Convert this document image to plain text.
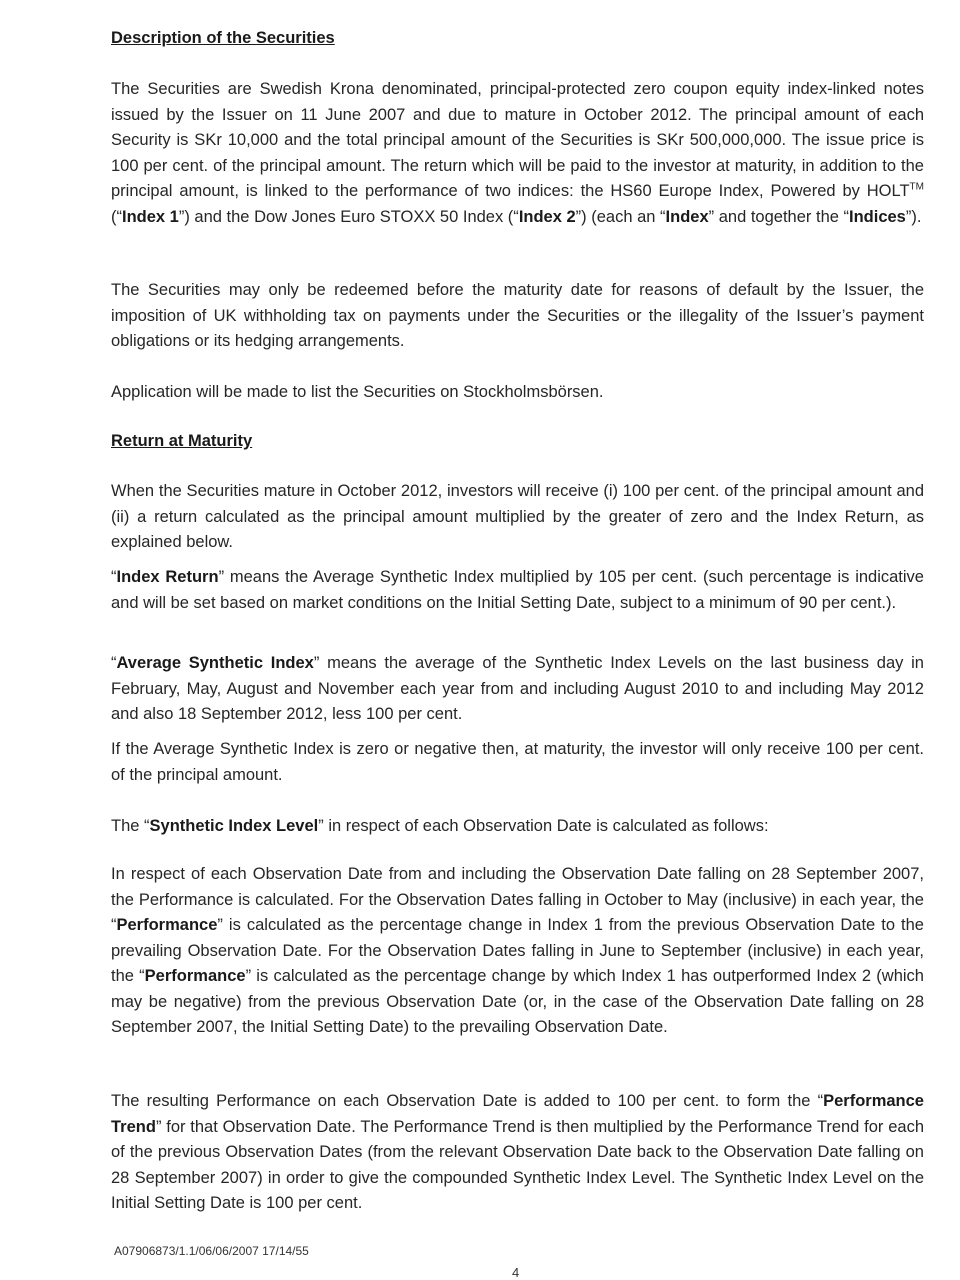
Description of the Securities

The Securities are Swedish Krona denominated, principal-protected zero coupon equity index-linked notes issued by the Issuer on 11 June 2007 and due to mature in October 2012. The principal amount of each Security is SKr 10,000 and the total principal amount of the Securities is SKr 500,000,000. The issue price is 100 per cent. of the principal amount. The return which will be paid to the investor at maturity, in addition to the principal amount, is linked to the performance of two indices: the HS60 Europe Index, Powered by HOLT™ (“Index 1”) and the Dow Jones Euro STOXX 50 Index (“Index 2”) (each an “Index” and together the “Indices”).

The Securities may only be redeemed before the maturity date for reasons of default by the Issuer, the imposition of UK withholding tax on payments under the Securities or the illegality of the Issuer’s payment obligations or its hedging arrangements.

Application will be made to list the Securities on Stockholmsbörsen.

Return at Maturity

When the Securities mature in October 2012, investors will receive (i) 100 per cent. of the principal amount and (ii) a return calculated as the principal amount multiplied by the greater of zero and the Index Return, as explained below.

“Index Return” means the Average Synthetic Index multiplied by 105 per cent. (such percentage is indicative and will be set based on market conditions on the Initial Setting Date, subject to a minimum of 90 per cent.).

“Average Synthetic Index” means the average of the Synthetic Index Levels on the last business day in February, May, August and November each year from and including August 2010 to and including May 2012 and also 18 September 2012, less 100 per cent.

If the Average Synthetic Index is zero or negative then, at maturity, the investor will only receive 100 per cent. of the principal amount.

The “Synthetic Index Level” in respect of each Observation Date is calculated as follows:

In respect of each Observation Date from and including the Observation Date falling on 28 September 2007, the Performance is calculated. For the Observation Dates falling in October to May (inclusive) in each year, the “Performance” is calculated as the percentage change in Index 1 from the previous Observation Date to the prevailing Observation Date. For the Observation Dates falling in June to September (inclusive) in each year, the “Performance” is calculated as the percentage change by which Index 1 has outperformed Index 2 (which may be negative) from the previous Observation Date (or, in the case of the Observation Date falling on 28 September 2007, the Initial Setting Date) to the prevailing Observation Date.

The resulting Performance on each Observation Date is added to 100 per cent. to form the “Performance Trend” for that Observation Date. The Performance Trend is then multiplied by the Performance Trend for each of the previous Observation Dates (from the relevant Observation Date back to the Observation Date falling on 28 September 2007) in order to give the compounded Synthetic Index Level. The Synthetic Index Level on the Initial Setting Date is 100 per cent.

A07906873/1.1/06/06/2007 17/14/55

4
